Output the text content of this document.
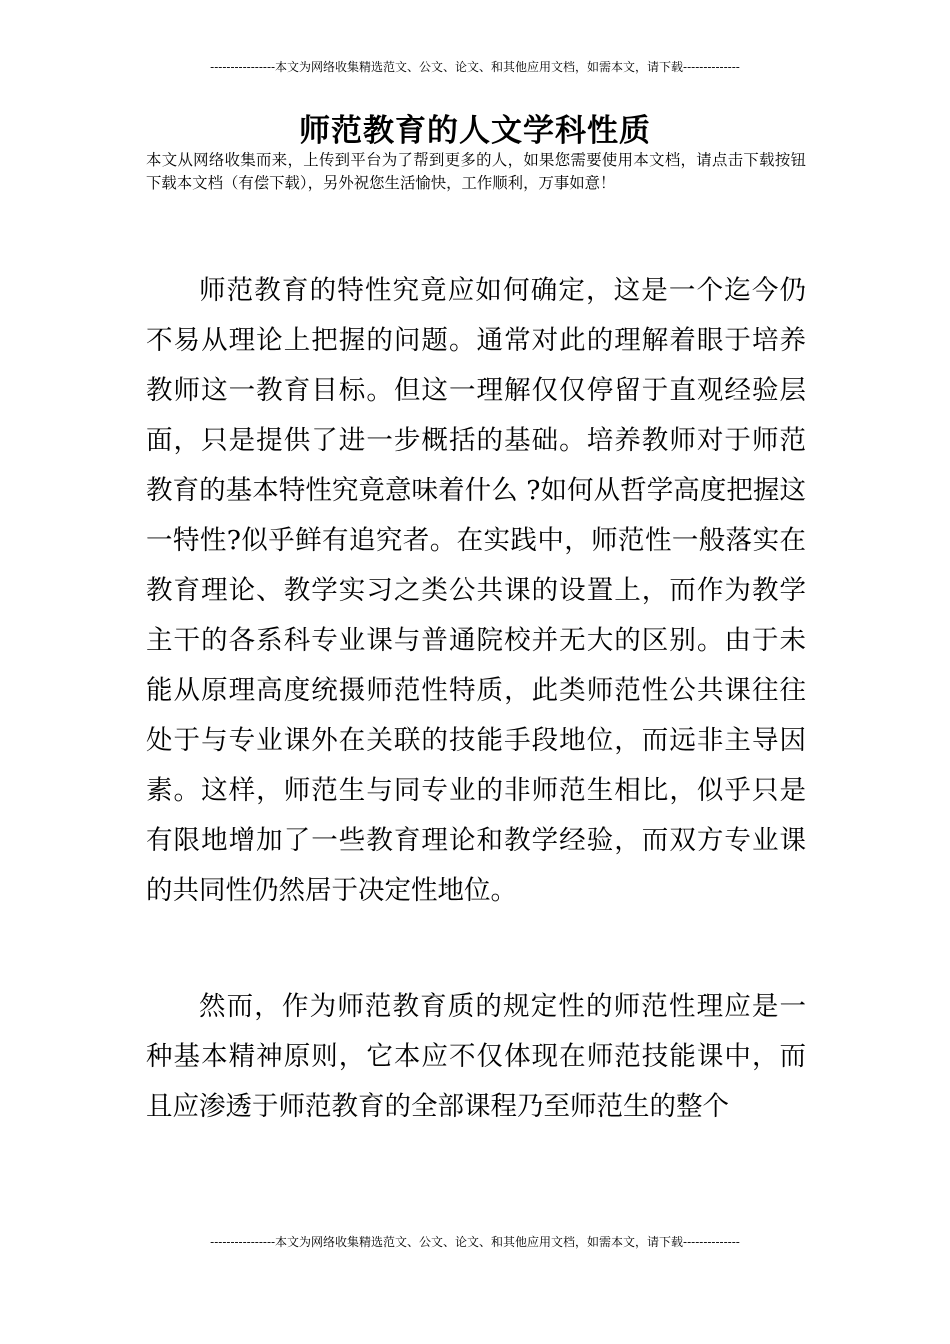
----------------本文为网络收集精选范文、公文、论文、和其他应用文档，如需本文，请下载--------------
师范教育的人文学科性质
本文从网络收集而来，上传到平台为了帮到更多的人，如果您需要使用本文档，请点击下载按钮下载本文档（有偿下载），另外祝您生活愉快，工作顺利，万事如意！

师范教育的特性究竟应如何确定，这是一个迄今仍不易从理论上把握的问题。通常对此的理解着眼于培养教师这一教育目标。但这一理解仅仅停留于直观经验层面，只是提供了进一步概括的基础。培养教师对于师范教育的基本特性究竟意味着什么 ?如何从哲学高度把握这一特性?似乎鲜有追究者。在实践中，师范性一般落实在教育理论、教学实习之类公共课的设置上，而作为教学主干的各系科专业课与普通院校并无大的区别。由于未能从原理高度统摄师范性特质，此类师范性公共课往往处于与专业课外在关联的技能手段地位，而远非主导因素。这样，师范生与同专业的非师范生相比，似乎只是有限地增加了一些教育理论和教学经验，而双方专业课的共同性仍然居于决定性地位。

然而，作为师范教育质的规定性的师范性理应是一种基本精神原则，它本应不仅体现在师范技能课中，而且应渗透于师范教育的全部课程乃至师范生的整个

----------------本文为网络收集精选范文、公文、论文、和其他应用文档，如需本文，请下载--------------
